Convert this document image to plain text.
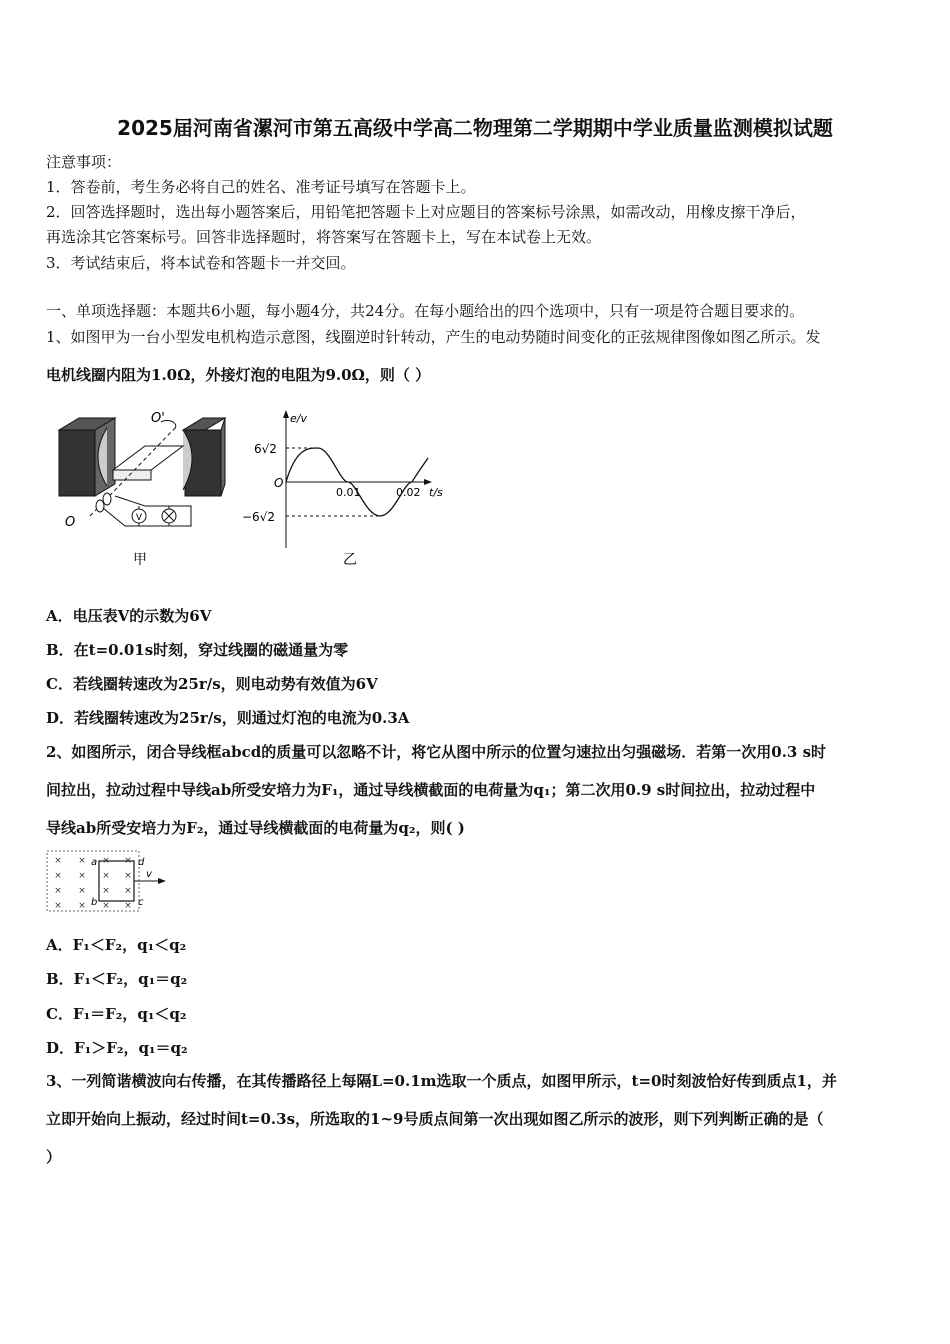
2025届河南省漯河市第五高级中学高二物理第二学期期中学业质量监测模拟试题
注意事项：
1．答卷前，考生务必将自己的姓名、准考证号填写在答题卡上。
2．回答选择题时，选出每小题答案后，用铅笔把答题卡上对应题目的答案标号涂黑，如需改动，用橡皮擦干净后，
再选涂其它答案标号。回答非选择题时，将答案写在答题卡上，写在本试卷上无效。
3．考试结束后，将本试卷和答题卡一并交回。
一、单项选择题：本题共6小题，每小题4分，共24分。在每小题给出的四个选项中，只有一项是符合题目要求的。
1、如图甲为一台小型发电机构造示意图，线圈逆时针转动，产生的电动势随时间变化的正弦规律图像如图乙所示。发
电机线圈内阻为1.0Ω，外接灯泡的电阻为9.0Ω，则（ ）
V
O'
O
甲
e/v
t/s
O
6√2
−6√2
0.01	0.02
乙
A．电压表V的示数为6V
B．在t=0.01s时刻，穿过线圈的磁通量为零
C．若线圈转速改为25r/s，则电动势有效值为6V
D．若线圈转速改为25r/s，则通过灯泡的电流为0.3A
2、如图所示，闭合导线框abcd的质量可以忽略不计，将它从图中所示的位置匀速拉出匀强磁场．若第一次用0.3 s时
间拉出，拉动过程中导线ab所受安培力为F₁，通过导线横截面的电荷量为q₁；第二次用0.9 s时间拉出，拉动过程中
导线ab所受安培力为F₂，通过导线横截面的电荷量为q₂，则( )
×
×
×
×
×
×
×
×
×
×
×
×
×
×
×
×
a
b
d
c
v
A．F₁＜F₂，q₁＜q₂
B．F₁＜F₂，q₁＝q₂
C．F₁＝F₂，q₁＜q₂
D．F₁＞F₂，q₁＝q₂
3、一列简谐横波向右传播，在其传播路径上每隔L=0.1m选取一个质点，如图甲所示，t=0时刻波恰好传到质点1，并
立即开始向上振动，经过时间t=0.3s，所选取的1~9号质点间第一次出现如图乙所示的波形，则下列判断正确的是（
）
